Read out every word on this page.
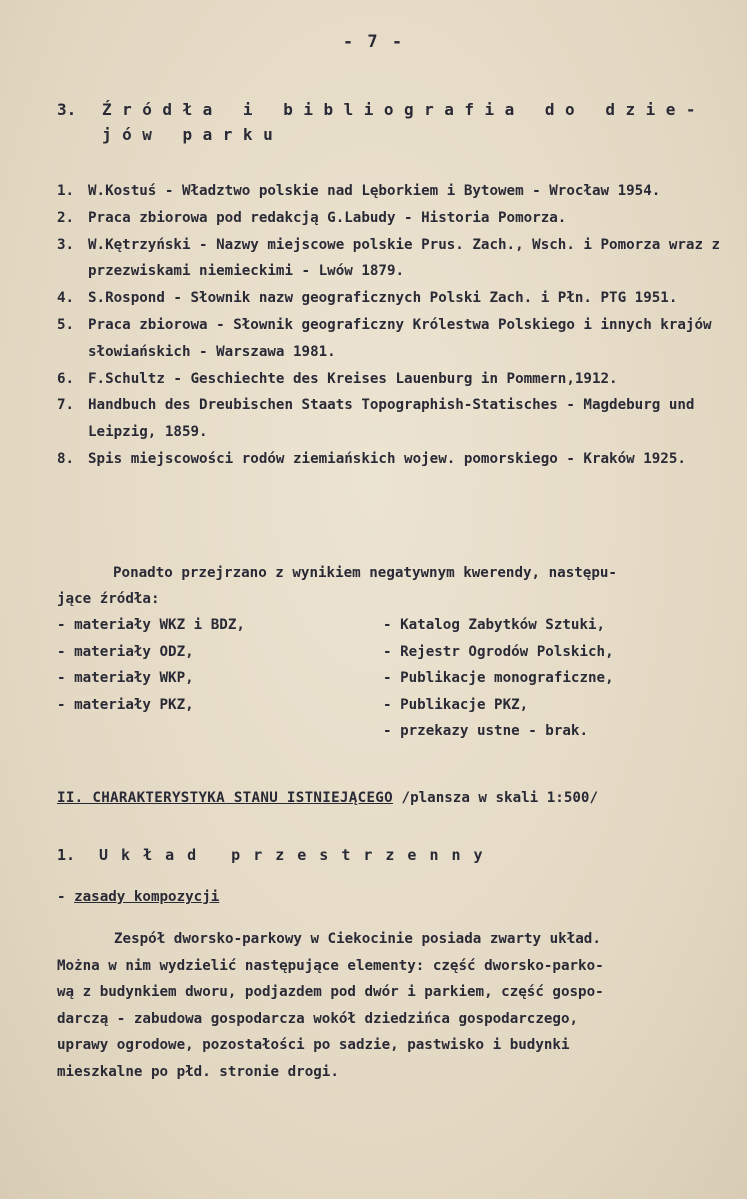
- 7 -
3. Źródła i bibliografia do dzie-
jów parku
1. W.Kostuś - Władztwo polskie nad Lęborkiem i Bytowem - Wrocław 1954.
2. Praca zbiorowa pod redakcją G.Labudy - Historia Pomorza.
3. W.Kętrzyński - Nazwy miejscowe polskie Prus. Zach., Wsch. i Pomorza wraz z przezwiskami niemieckimi - Lwów 1879.
4. S.Rospond - Słownik nazw geograficznych Polski Zach. i Płn. PTG 1951.
5. Praca zbiorowa - Słownik geograficzny Królestwa Polskiego i innych krajów słowiańskich - Warszawa 1981.
6. F.Schultz - Geschiechte des Kreises Lauenburg in Pommern,1912.
7. Handbuch des Dreubischen Staats Topographish-Statisches - Magdeburg und Leipzig, 1859.
8. Spis miejscowości rodów ziemiańskich wojew. pomorskiego - Kraków 1925.
Ponadto przejrzano z wynikiem negatywnym kwerendy, następu-
jące źródła:
- materiały WKZ i BDZ,
- materiały ODZ,
- materiały WKP,
- materiały PKZ,
- Katalog Zabytków Sztuki,
- Rejestr Ogrodów Polskich,
- Publikacje monograficzne,
- Publikacje PKZ,
- przekazy ustne - brak.
II. CHARAKTERYSTYKA STANU ISTNIEJĄCEGO /plansza w skali 1:500/
1. Układ przestrzenny
- zasady kompozycji
Zespół dworsko-parkowy w Ciekocinie posiada zwarty układ.
Można w nim wydzielić następujące elementy: część dworsko-parko-
wą z budynkiem dworu, podjazdem pod dwór i parkiem, część gospo-
darczą - zabudowa gospodarcza wokół dziedzińca gospodarczego,
uprawy ogrodowe, pozostałości po sadzie, pastwisko i budynki
mieszkalne po płd. stronie drogi.
